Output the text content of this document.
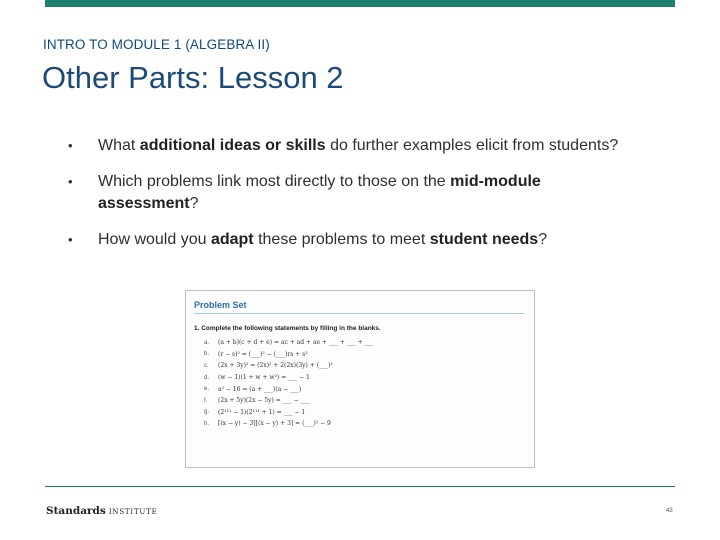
INTRO TO MODULE 1 (ALGEBRA II)
Other Parts: Lesson 2
•	What additional ideas or skills do further examples elicit from students?
•	Which problems link most directly to those on the mid-module assessment?
•	How would you adapt these problems to meet student needs?
Problem Set
1. Complete the following statements by filling in the blanks.
a.	(a + b)(c + d + e) = ac + ad + ae + ___ + ___ + ___
b.	(r − s)² = (___)² − (___)rs + s²
c.	(2x + 3y)² = (2x)² + 2(2x)(3y) + (___)²
d.	(w − 1)(1 + w + w²) = ___ − 1
e.	a² − 16 = (a + ___)(a − ___)
f.	(2x + 5y)(2x − 5y) = ___ − ___
g.	(2¹¹¹ − 1)(2¹¹¹ + 1) = ___ − 1
h.	[(x − y) − 3][(x − y) + 3] = (___)² − 9
Standards INSTITUTE	43
